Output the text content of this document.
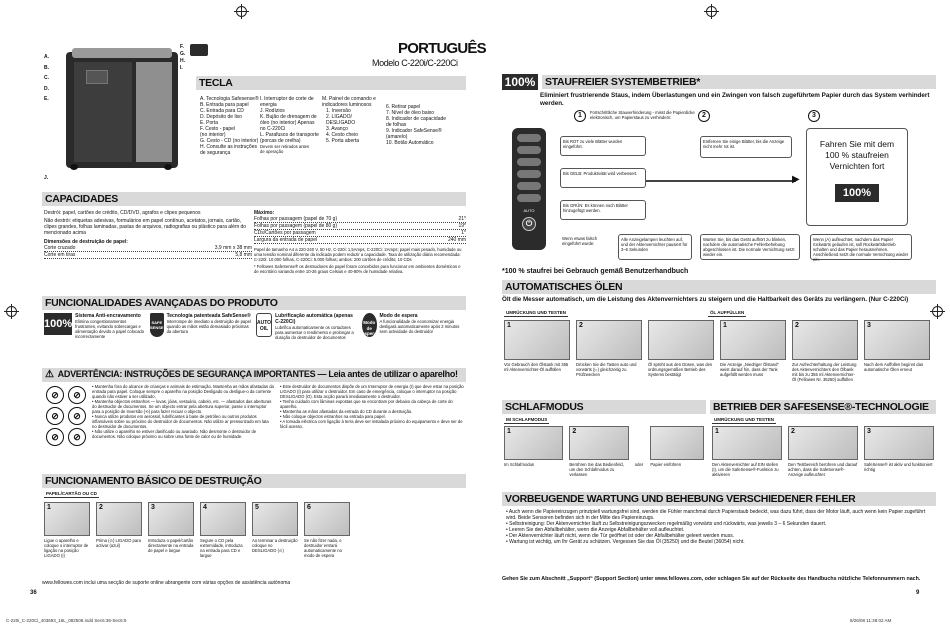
A.
B.
C.
D.
E.
J.
F.
G.
H.
I.
PORTUGUÊS
Modelo C-220i/C-220Ci
TECLA
A. Tecnologia Safesense®
B. Entrada para papel
C. Entrada para CD
D. Depósito de lixo
E. Porta
F. Cesto - papel
(no interior)
G. Cesto - CD (no interior)
H. Consulte as instruções
de segurança
I. Interruptor de corte de
energia
J. Rodízios
K. Bujão de drenagem de
óleo (no interior) Apenas
no C-220Ci
L. Parafusos de transporte
(porcas de orelha)
Devem ser retirados antes
de operação
M. Painel de comando e
indicadores luminosos
1. Inversão
2. LIGADO/
DESLIGADO
3. Avanço
4. Cesto cheio
5. Porta aberta
6. Retirar papel
7. Nível de óleo baixo
8. Indicador de capacidade
de folhas
9. Indicador SafeSense®
(amarelo)
10. Botão Automático
CAPACIDADES
Destrói: papel, cartões de crédito, CD/DVD, agrafos e clipes pequenos
Não destrói: etiquetas adesivas, formulários em papel contínuo, acetatos, jornais, cartão, clipes grandes, folhas laminadas, pastas de arquivos, radiografias ou plástico para além do mencionado acima
Dimensões de destruição de papel:
Corte cruzado	3,9 mm x 38 mm
Corte em tiras	5,8 mm
Máximo:
Folhas por passagem (papel de 70 g)	21*
Folhas por passagem (papel de 80 g)	19*
CDs/Cartões por passagem	1*
Largura da entrada de papel	240 mm
Papel de tamanho A4 a 220-240 V, 50 Hz, C-220i: 1,5Amps, C-220Ci: 2Amps; papel mais pesado, humidade ou uma tensão nominal diferente da indicada podem reduzir a capacidade. Taxa de utilização diária recomendada: C-220i: 10.000 folhas, C-220Ci: 5.000 folhas; ambos: 200 cartões de crédito; 10 CDs
* Fellowes SafeSense® os destruidores de papel foram concebidos para funcionar em ambientes domésticos e de escritório variando entre 10-26 graus Celsius e 40-80% de humidade relativa.
FUNCIONALIDADES AVANÇADAS DO PRODUTO
100%
Sistema Anti-encravamento
Elimina congestionamentos frustrantes, evitando sobrecargas e alimentação devido a papel colocado incorrectamente
SAFE SENSE
Tecnologia patenteada SafeSense®
Interrompe de imediato a destruição de papel quando as mãos estão demasiado próximas da abertura
AUTO OIL
Lubrificação automática (apenas C-220Ci)
Lubrifica automaticamente os cortadores para aumentar o rendimento e prolongar a duração do destruidor de documentos
Modo de espera
Modo de espera
A funcionalidade de economizar energia desligará automaticamente após 2 minutos sem actividade do destruidor
⚠ ADVERTÊNCIA: INSTRUÇÕES DE SEGURANÇA IMPORTANTES — Leia antes de utilizar o aparelho!
⊘
⊘
⊘
⊘
⊘
⊘
• Mantenha fora do alcance de crianças e animais de estimação. Mantenha as mãos afastadas da entrada para papel. Coloque sempre o aparelho na posição Desligado ou desligue-o da corrente quando não estiver a ser utilizado.
• Mantenha objectos estranhos — luvas, jóias, vestuário, cabelo, etc. — afastados das aberturas do destruidor de documentos. Se um objecto entrar pela abertura superior, passe o interruptor para a posição de Inversão (⟲) para fazer recuar o objecto.
• Nunca utilize produtos em aerossol, lubrificantes à base de petróleo ou outros produtos inflamáveis sobre ou próximo do destruidor de documentos. Não utilize ar pressurizado em lata no destruidor de documentos.
• Não utilize o aparelho se estiver danificado ou avariado. Não desmonte o destruidor de documentos. Não coloque próximo ou sobre uma fonte de calor ou de humidade.
• Este destruidor de documentos dispõe de um Interruptor de energia (I) que deve estar na posição LIGADO (I) para utilizar o destruidor. Em caso de emergência, coloque o interruptor na posição DESLIGADO (O). Esta acção parará imediatamente o destruidor.
• Tenha cuidado com lâminas expostas que se encontram por debaixo da cabeça de corte do aparelho.
• Mantenha as mãos afastadas da entrada do CD durante a destruição.
• Não coloque objectos estranhos na entrada para papel.
• A tomada eléctrica com ligação à terra deve ser instalada próximo do equipamento e deve ser de fácil acesso.
FUNCIONAMENTO BÁSICO DE DESTRUIÇÃO
PAPEL/CARTÃO OU CD
1
Ligue o aparelho e coloque o interruptor de ligação na posição LIGADO (I)
2
Prima (⊙) LIGADO para activar (azul)
3
Introduza o papel/cartão directamente na entrada de papel e largue
4
Segure o CD pela extremidade, introduza na entrada para CD e largue
5
Ao terminar a destruição coloque no DESLIGADO (⊙)
6
Se não fizer nada, o destruidor entrará automaticamente no modo de espera
www.fellowes.com inclui uma secção de suporte online abrangente com várias opções de assistência autónoma
36
100% STAUFREIER SYSTEMBETRIEB*
Eliminiert frustrierende Staus, indem Überlastungen und ein Zwingen von falsch zugeführtem Papier durch das System verhindert werden.
1	Fortschrittliche Stauverhinderung - misst die Papierdicke elektronisch, um Papierstaus zu verhindern:	2	3
AUTO
⏻
Bis ROT zu viele Blätter wurden eingeführt.
Bis GELB: Produktivität wird verbessert.
Bis GRÜN: Es können noch Blätter hinzugefügt werden.
▶
Entfernen Sie einige Blätter, bis die Anzeige nicht mehr rot ist.	Fahren Sie mit dem 100 % staufreien Vernichten fort
100%
Wenn etwas falsch eingeführt wurde:
Alle Anzeigelampen leuchten auf, und der Aktenvernichter pausiert für 3–6 Sekunden
Warten Sie, bis das Gerät aufhört zu blinken, nachdem die automatische Fehlerbehebung abgeschlossen ist. Die normale Vernichtung setzt wieder ein.
Wenn (A) aufleuchtet, nachdem das Papier rückwärts gelaufen ist, soll Rückwärtsbetrieb schalten und das Papier herausnehmen. Anschließend setzt die normale Vernichtung wieder ein.
*100 % staufrei bei Gebrauch gemäß Benutzerhandbuch
AUTOMATISCHES ÖLEN
Ölt die Messer automatisch, um die Leistung des Aktenvernichters zu steigern und die Haltbarkeit des Geräts zu verlängern. (Nur C-220Ci)
UMRÜCKUNG UND TESTEN	ÖL AUFFÜLLEN
1
Vor Gebrauch den Ölstank mit 355 ml Aktenvernichter-Öl auffüllen
2
Drücken Sie die Tasten auto und vorwärts (▷) gleichzeitig zu Prüfzwecken
Öl sprüht aus den Düsen, was den ordnungsgemäßen Betrieb des Systems bestätigt
1
Die Anzeige „Niedriger Ölstand“ weist darauf hin, dass der Tank aufgefüllt werden muss
2
Zur Aufrechterhaltung der Leistung des Aktenvernichters den Ölbank mit bis zu 355 ml Aktenvernichter-Öl (Fellowes Nr. 35250) auffüllen
3
Nach dem Auffüllen beginnt das automatische Ölen erneut
SCHLAFMODUS	BETRIEB DER SAFESENSE®-TECHNOLOGIE
IM SCHLAFMODUS	UMRÜCKUNG UND TESTEN
1
Im Schlafmodus
2
Berühren Sie das Bedienfeld, um den Schlafmodus zu verlassen
oder Papier einführen
1
Den Aktenvernichter auf EIN stellen (I), um die SafeSense®-Funktion zu aktivieren
2
Den Testbereich berühren und darauf achten, dass die SafeSense®-Anzeige aufleuchtet
3
SafeSense® ist aktiv und funktioniert richtig
VORBEUGENDE WARTUNG UND BEHEBUNG VERSCHIEDENER FEHLER
• Auch wenn die Papiereinzugen prinzipiell wartungsfrei sind, werden die Fühler manchmal durch Papierstaub bedeckt, was dazu führt, dass der Motor läuft, auch wenn kein Papier zugeführt wird. Beide Sensoren befinden sich in der Mitte des Papiereinzugs.
• Selbstreinigung: Der Aktenvernichter läuft zu Selbstreinigungszwecken regelmäßig vorwärts und rückwärts, was jeweils 3 – 6 Sekunden dauert.
• Leeren Sie den Abfallbehälter, wenn die Anzeige Abfallbehälter voll aufleuchtet.
• Der Aktenvernichter läuft nicht, wenn die Tür geöffnet ist oder der Abfallbehälter geleert werden muss.
• Wartung ist wichtig, um Ihr Gerät zu schützen. Vergessen Sie das Öl (35250) und die Beutel (36054) nicht.
Gehen Sie zum Abschnitt „Support“ (Support Section) unter www.fellowes.com, oder schlagen Sie auf der Rückseite des Handbuchs nützliche Telefonnummern nach.
9
C-220i_C-220Ci_403693_16L_082508.indd Sec6:36-Sec6:9	8/26/08 11:38:02 AM
